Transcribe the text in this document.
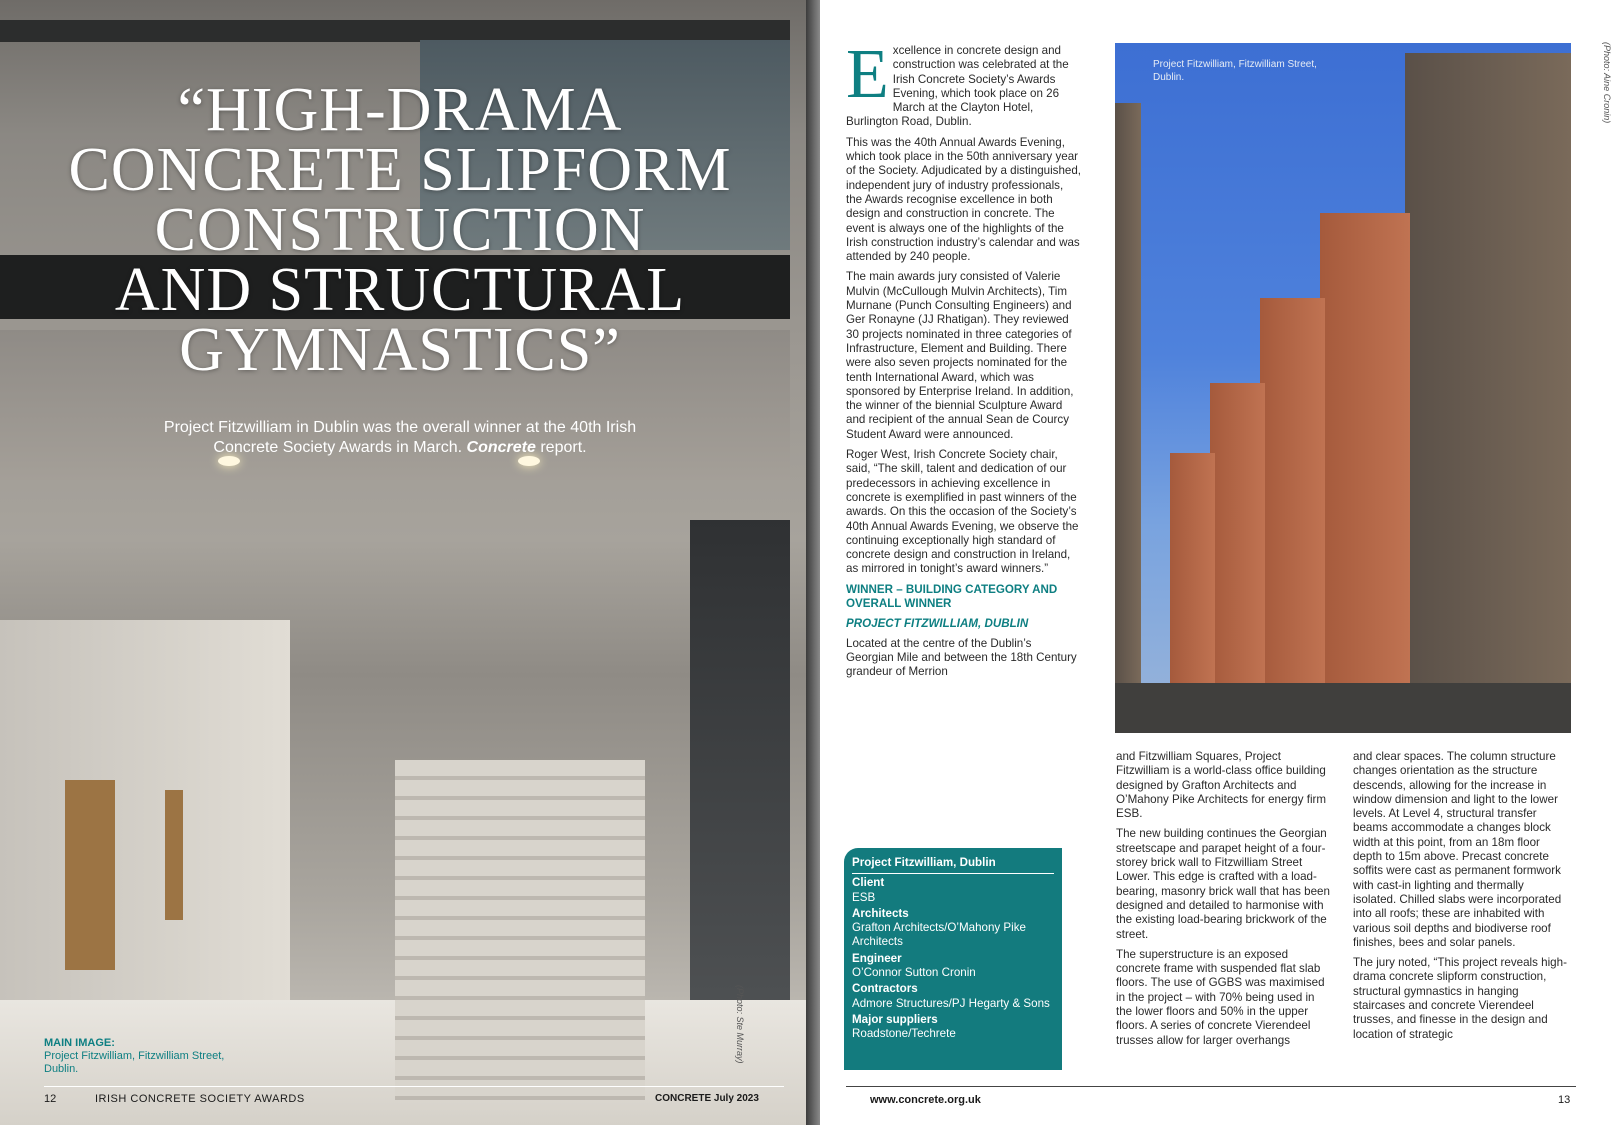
“HIGH-DRAMA
CONCRETE SLIPFORM
CONSTRUCTION
AND STRUCTURAL
GYMNASTICS”

Project Fitzwilliam in Dublin was the overall winner at the 40th Irish Concrete Society Awards in March. Concrete report.

MAIN IMAGE:
Project Fitzwilliam, Fitzwilliam Street, Dublin.
(Photo: Ste Murray)
12	IRISH CONCRETE SOCIETY AWARDS	CONCRETE July 2023

Excellence in concrete design and construction was celebrated at the Irish Concrete Society’s Awards Evening, which took place on 26 March at the Clayton Hotel, Burlington Road, Dublin.

This was the 40th Annual Awards Evening, which took place in the 50th anniversary year of the Society. Adjudicated by a distinguished, independent jury of industry professionals, the Awards recognise excellence in both design and construction in concrete. The event is always one of the highlights of the Irish construction industry’s calendar and was attended by 240 people.

The main awards jury consisted of Valerie Mulvin (McCullough Mulvin Architects), Tim Murnane (Punch Consulting Engineers) and Ger Ronayne (JJ Rhatigan). They reviewed 30 projects nominated in three categories of Infrastructure, Element and Building. There were also seven projects nominated for the tenth International Award, which was sponsored by Enterprise Ireland. In addition, the winner of the biennial Sculpture Award and recipient of the annual Sean de Courcy Student Award were announced.

Roger West, Irish Concrete Society chair, said, “The skill, talent and dedication of our predecessors in achieving excellence in concrete is exemplified in past winners of the awards. On this the occasion of the Society’s 40th Annual Awards Evening, we observe the continuing exceptionally high standard of concrete design and construction in Ireland, as mirrored in tonight’s award winners.”

WINNER – BUILDING CATEGORY AND OVERALL WINNER

PROJECT FITZWILLIAM, DUBLIN

Located at the centre of the Dublin’s Georgian Mile and between the 18th Century grandeur of Merrion

Project Fitzwilliam, Fitzwilliam Street, Dublin.	(Photo: Aine Cronin)
Project Fitzwilliam, Dublin
Client
ESB
Architects
Grafton Architects/O’Mahony Pike Architects
Engineer
O’Connor Sutton Cronin
Contractors
Admore Structures/PJ Hegarty & Sons
Major suppliers
Roadstone/Techrete

and Fitzwilliam Squares, Project Fitzwilliam is a world-class office building designed by Grafton Architects and O’Mahony Pike Architects for energy firm ESB.

The new building continues the Georgian streetscape and parapet height of a four-storey brick wall to Fitzwilliam Street Lower. This edge is crafted with a load-bearing, masonry brick wall that has been designed and detailed to harmonise with the existing load-bearing brickwork of the street.

The superstructure is an exposed concrete frame with suspended flat slab floors. The use of GGBS was maximised in the project – with 70% being used in the lower floors and 50% in the upper floors. A series of concrete Vierendeel trusses allow for larger overhangs

and clear spaces. The column structure changes orientation as the structure descends, allowing for the increase in window dimension and light to the lower levels. At Level 4, structural transfer beams accommodate a changes block width at this point, from an 18m floor depth to 15m above. Precast concrete soffits were cast as permanent formwork with cast-in lighting and thermally isolated. Chilled slabs were incorporated into all roofs; these are inhabited with various soil depths and biodiverse roof finishes, bees and solar panels.

The jury noted, “This project reveals high-drama concrete slipform construction, structural gymnastics in hanging staircases and concrete Vierendeel trusses, and finesse in the design and location of strategic

www.concrete.org.uk	13
